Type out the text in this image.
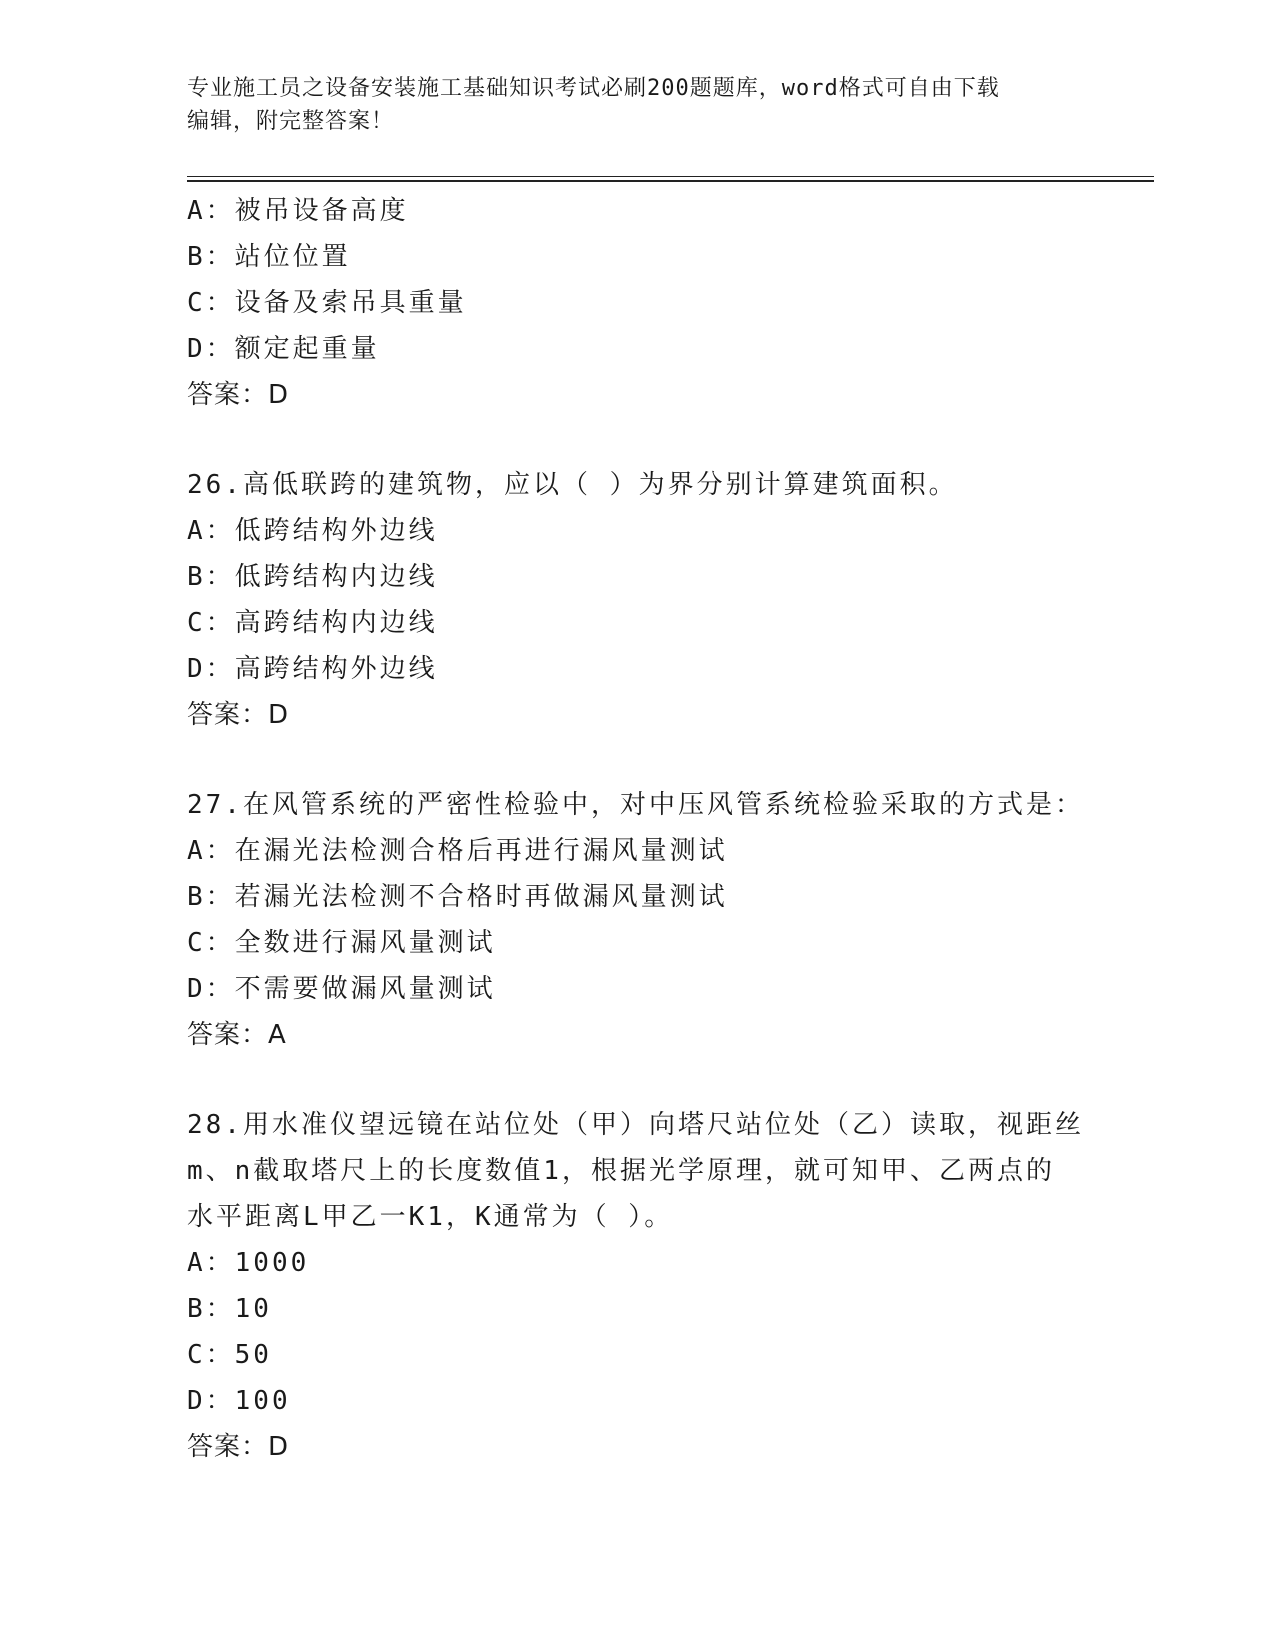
专业施工员之设备安装施工基础知识考试必刷200题题库，word格式可自由下载
编辑，附完整答案！
A：被吊设备高度
B：站位位置
C：设备及索吊具重量
D：额定起重量
答案：D
26.高低联跨的建筑物，应以（ ）为界分别计算建筑面积。
A：低跨结构外边线
B：低跨结构内边线
C：高跨结构内边线
D：高跨结构外边线
答案：D
27.在风管系统的严密性检验中，对中压风管系统检验采取的方式是：
A：在漏光法检测合格后再进行漏风量测试
B：若漏光法检测不合格时再做漏风量测试
C：全数进行漏风量测试
D：不需要做漏风量测试
答案：A
28.用水准仪望远镜在站位处（甲）向塔尺站位处（乙）读取，视距丝
m、n截取塔尺上的长度数值1，根据光学原理，就可知甲、乙两点的
水平距离L甲乙一K1，K通常为（ ）。
A：1000
B：10
C：50
D：100
答案：D
